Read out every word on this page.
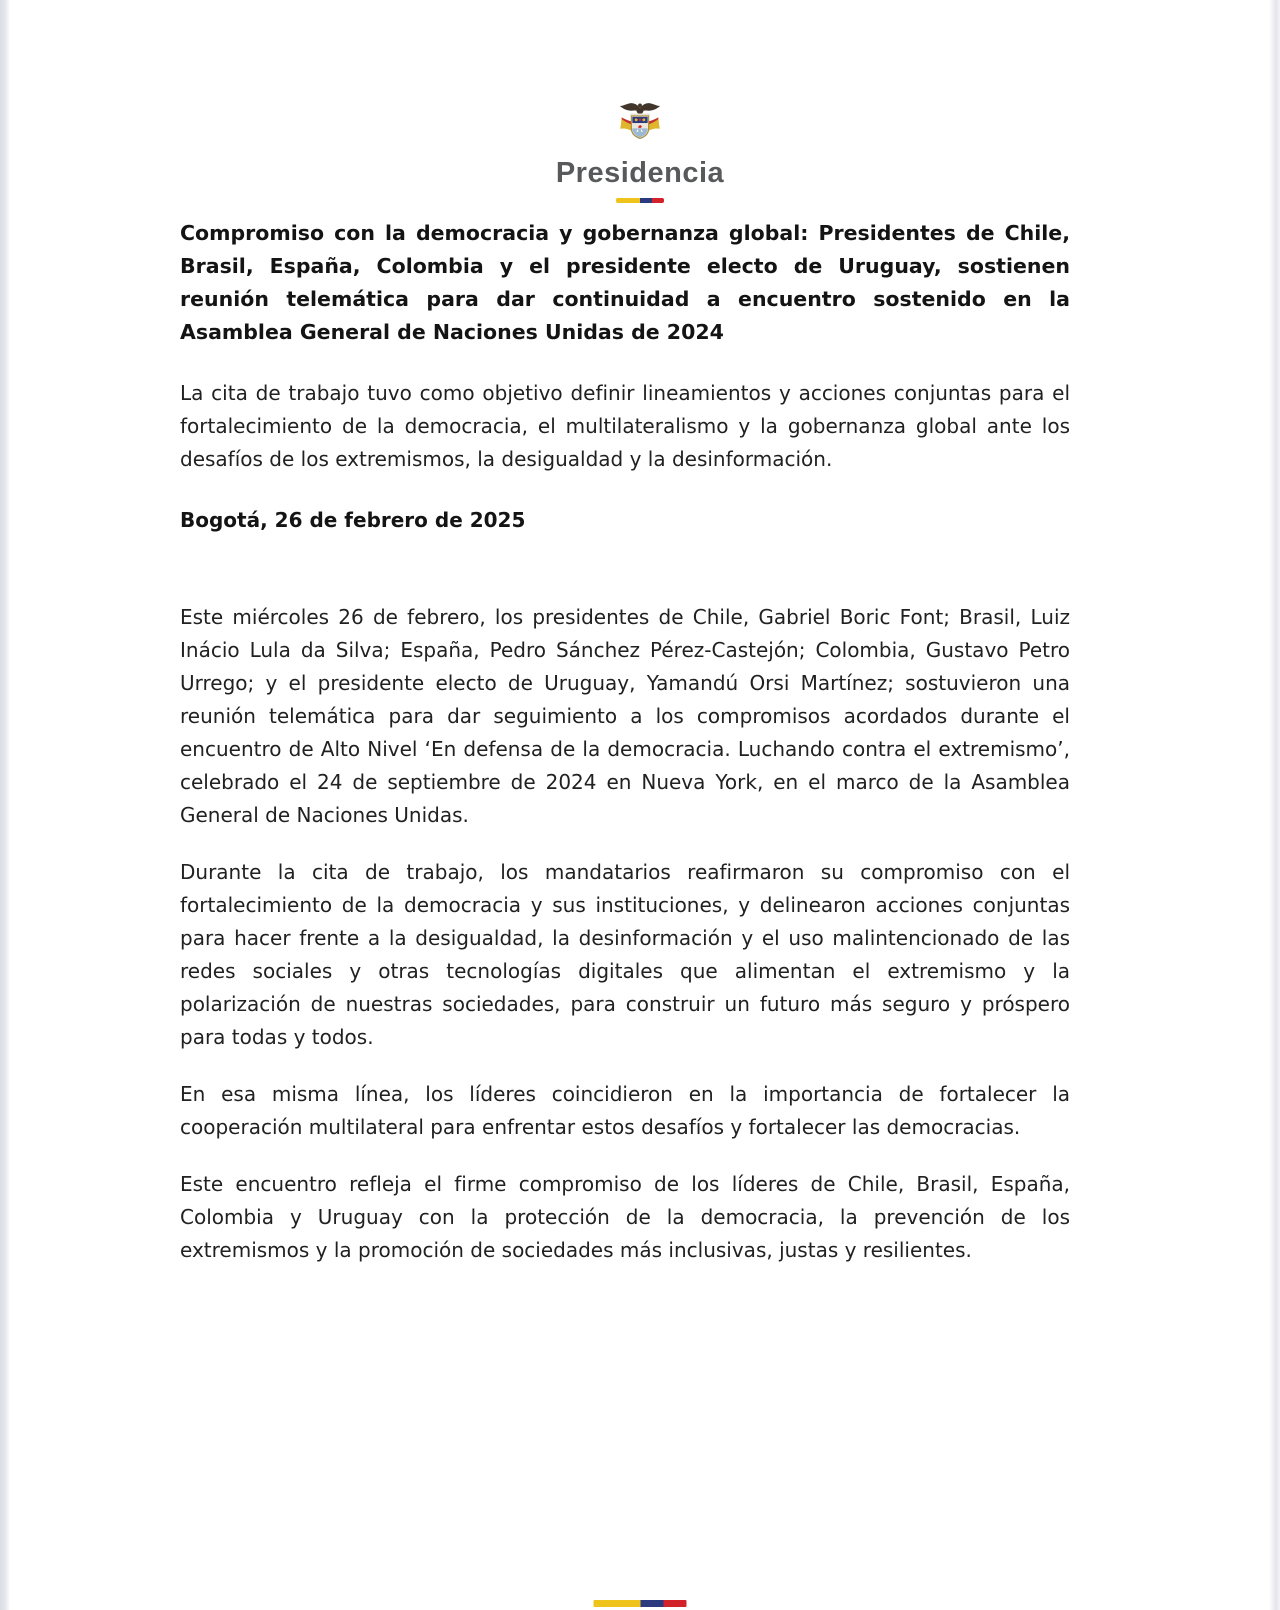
Presidencia
Compromiso con la democracia y gobernanza global: Presidentes de Chile, Brasil, España, Colombia y el presidente electo de Uruguay, sostienen reunión telemática para dar continuidad a encuentro sostenido en la Asamblea General de Naciones Unidas de 2024

La cita de trabajo tuvo como objetivo definir lineamientos y acciones conjuntas para el fortalecimiento de la democracia, el multilateralismo y la gobernanza global ante los desafíos de los extremismos, la desigualdad y la desinformación.

Bogotá, 26 de febrero de 2025

Este miércoles 26 de febrero, los presidentes de Chile, Gabriel Boric Font; Brasil, Luiz Inácio Lula da Silva; España, Pedro Sánchez Pérez-Castejón; Colombia, Gustavo Petro Urrego; y el presidente electo de Uruguay, Yamandú Orsi Martínez; sostuvieron una reunión telemática para dar seguimiento a los compromisos acordados durante el encuentro de Alto Nivel ‘En defensa de la democracia. Luchando contra el extremismo’, celebrado el 24 de septiembre de 2024 en Nueva York, en el marco de la Asamblea General de Naciones Unidas.

Durante la cita de trabajo, los mandatarios reafirmaron su compromiso con el fortalecimiento de la democracia y sus instituciones, y delinearon acciones conjuntas para hacer frente a la desigualdad, la desinformación y el uso malintencionado de las redes sociales y otras tecnologías digitales que alimentan el extremismo y la polarización de nuestras sociedades, para construir un futuro más seguro y próspero para todas y todos.

En esa misma línea, los líderes coincidieron en la importancia de fortalecer la cooperación multilateral para enfrentar estos desafíos y fortalecer las democracias.

Este encuentro refleja el firme compromiso de los líderes de Chile, Brasil, España, Colombia y Uruguay con la protección de la democracia, la prevención de los extremismos y la promoción de sociedades más inclusivas, justas y resilientes.
